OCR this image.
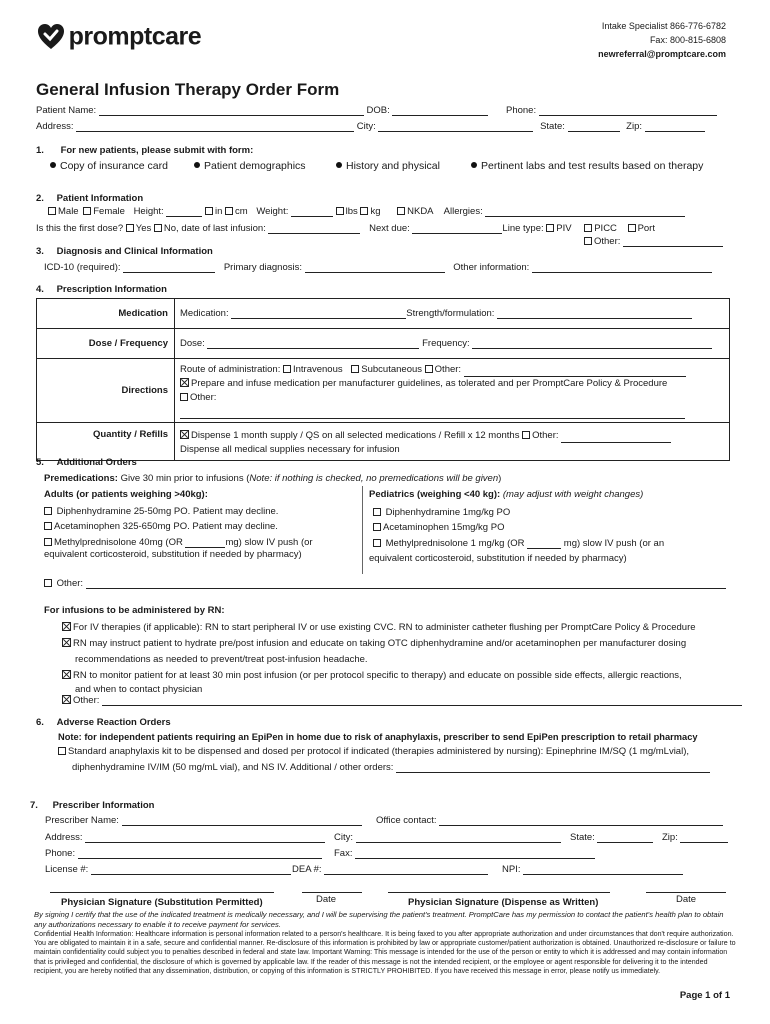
promptcare	Intake Specialist 866-776-6782
Fax: 800-815-6808
newreferral@promptcare.com
General Infusion Therapy Order Form
Patient Name:	DOB:	Phone:
Address:	City:	State:	Zip:
1. For new patients, please submit with form:
Copy of insurance card	Patient demographics	History and physical	Pertinent labs and test results based on therapy
2. Patient Information
Male Female Height:	in cm Weight:	lbs kg	NKDA Allergies:
Is this the first dose? Yes No, date of last infusion:	Next due:	Line type: PIV PICC Port
Other:
3. Diagnosis and Clinical Information
ICD-10 (required):	Primary diagnosis:	Other information:
4. Prescription Information
Medication	Medication: Strength/formulation:
Dose / Frequency	Dose: Frequency:
Directions	Route of administration: Intravenous Subcutaneous Other:
Prepare and infuse medication per manufacturer guidelines, as tolerated and per PromptCare Policy & Procedure
Other:

Quantity / Refills	Dispense 1 month supply / QS on all selected medications / Refill x 12 months Other:
Dispense all medical supplies necessary for infusion
5. Additional Orders
Premedications: Give 30 min prior to infusions (Note: if nothing is checked, no premedications will be given)
Adults (or patients weighing >40kg):
Diphenhydramine 25-50mg PO. Patient may decline.
Acetaminophen 325-650mg PO. Patient may decline.
Methylprednisolone 40mg (OR	mg) slow IV push (or
equivalent corticosteroid, substitution if needed by pharmacy)
Pediatrics (weighing <40 kg): (may adjust with weight changes)
Diphenhydramine 1mg/kg PO
Acetaminophen 15mg/kg PO
Methylprednisolone 1 mg/kg (OR	mg) slow IV push (or an
equivalent corticosteroid, substitution if needed by pharmacy)
Other:
For infusions to be administered by RN:
For IV therapies (if applicable): RN to start peripheral IV or use existing CVC. RN to administer catheter flushing per PromptCare Policy & Procedure
RN may instruct patient to hydrate pre/post infusion and educate on taking OTC diphenhydramine and/or acetaminophen per manufacturer dosing
recommendations as needed to prevent/treat post-infusion headache.
RN to monitor patient for at least 30 min post infusion (or per protocol specific to therapy) and educate on possible side effects, allergic reactions,
and when to contact physician
Other:
6. Adverse Reaction Orders
Note: for independent patients requiring an EpiPen in home due to risk of anaphylaxis, prescriber to send EpiPen prescription to retail pharmacy
Standard anaphylaxis kit to be dispensed and dosed per protocol if indicated (therapies administered by nursing): Epinephrine IM/SQ (1 mg/mLvial),
diphenhydramine IV/IM (50 mg/mL vial), and NS IV. Additional / other orders:
7. Prescriber Information
Prescriber Name:	Office contact:
Address:	City:	State:	Zip:
Phone:	Fax:
License #:	DEA #:	NPI:
Physician Signature (Substitution Permitted)	Date	Physician Signature (Dispense as Written)	Date
By signing I certify that the use of the indicated treatment is medically necessary, and I will be supervising the patient's treatment. PromptCare has my permission to contact the patient's health plan to obtain any authorizations necessary to enable it to receive payment for services.
Confidential Health Information: Healthcare information is personal information related to a person's healthcare. It is being faxed to you after appropriate authorization and under circumstances that don't require authorization. You are obligated to maintain it in a safe, secure and confidential manner. Re-disclosure of this information is prohibited by law or appropriate customer/patient authorization is obtained. Unauthorized re-disclosure or failure to maintain confidentiality could subject you to penalties described in federal and state law. Important Warning: This message is intended for the use of the person or entity to which it is addressed and may contain information that is privileged and confidential, the disclosure of which is governed by applicable law. If the reader of this message is not the intended recipient, or the employee or agent responsible for delivering it to the intended recipient, you are hereby notified that any dissemination, distribution, or copying of this information is STRICTLY PROHIBITED. If you have received this message in error, please notify us immediately.
Page 1 of 1
